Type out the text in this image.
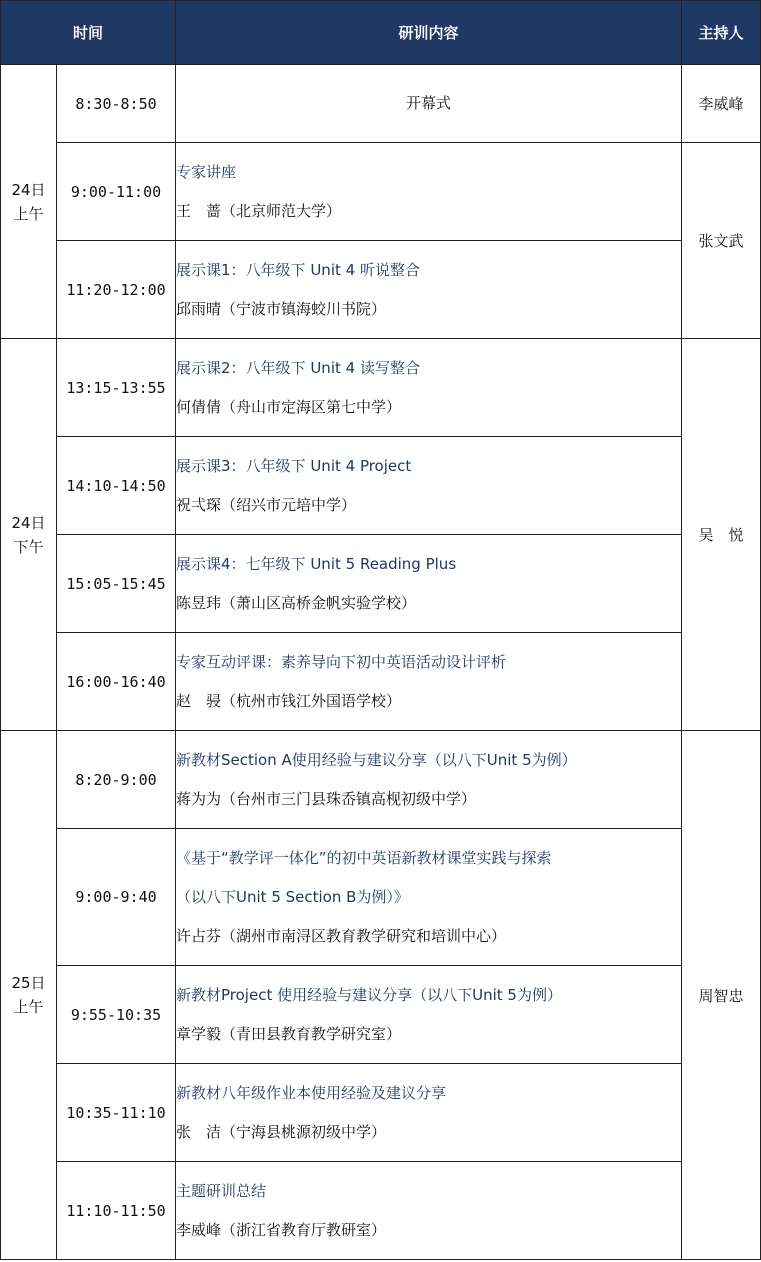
时间		研训内容	主持人

24日
上午	8:30-8:50	开幕式	李威峰
	9:00-11:00	专家讲座
王　蔷（北京师范大学）	张文武
	11:20-12:00	展示课1：八年级下 Unit 4 听说整合
邱雨晴（宁波市镇海蛟川书院）	

24日
下午	13:15-13:55	展示课2：八年级下 Unit 4 读写整合
何倩倩（舟山市定海区第七中学）	吴　悦
	14:10-14:50	展示课3：八年级下 Unit 4 Project
祝弌琛（绍兴市元培中学）	

	15:05-15:45	展示课4：七年级下 Unit 5 Reading Plus
陈昱玮（萧山区高桥金帆实验学校）	

	16:00-16:40	专家互动评课：素养导向下初中英语活动设计评析
赵　骎（杭州市钱江外国语学校）	

25日
上午	8:20-9:00	新教材Section A使用经验与建议分享（以八下Unit 5为例）
蒋为为（台州市三门县珠岙镇高枧初级中学）	周智忠
	9:00-9:40	《基于“教学评一体化”的初中英语新教材课堂实践与探索
（以八下Unit 5 Section B为例）》
许占芬（湖州市南浔区教育教学研究和培训中心）	

	9:55-10:35	新教材Project 使用经验与建议分享（以八下Unit 5为例）
章学毅（青田县教育教学研究室）	

	10:35-11:10	新教材八年级作业本使用经验及建议分享
张　洁（宁海县桃源初级中学）	

	11:10-11:50	主题研训总结
李威峰（浙江省教育厅教研室）	
